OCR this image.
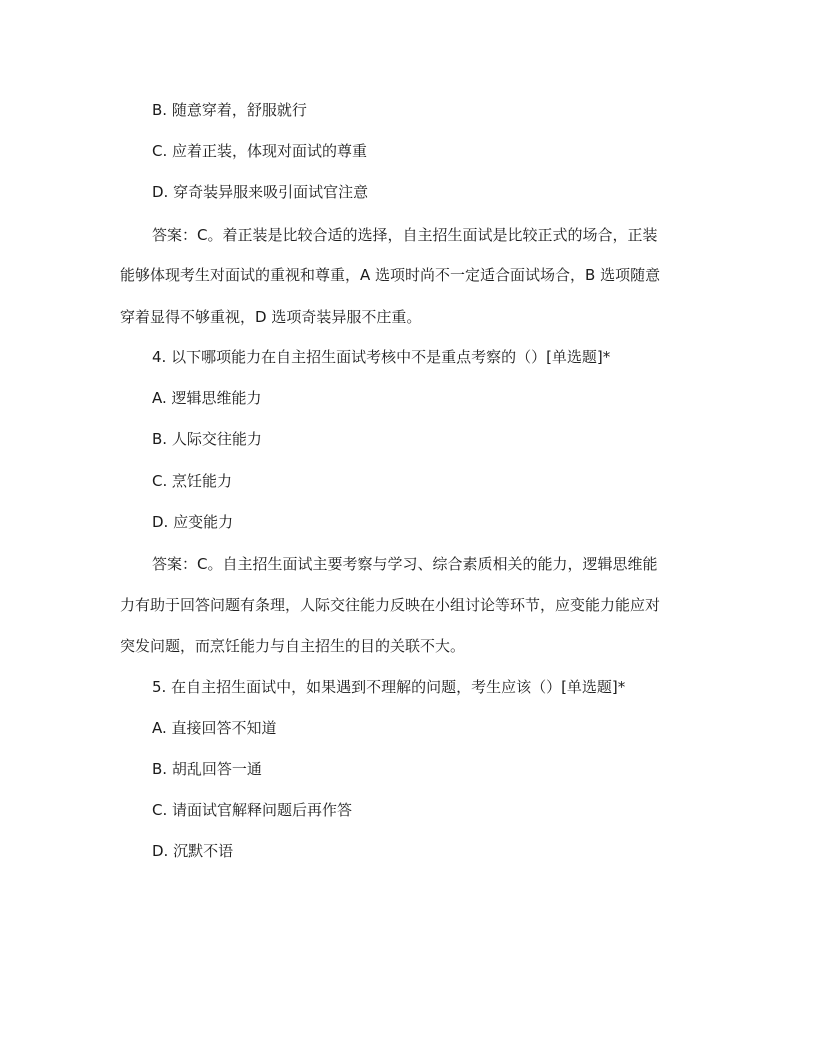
B. 随意穿着，舒服就行
C. 应着正装，体现对面试的尊重
D. 穿奇装异服来吸引面试官注意
答案：C。着正装是比较合适的选择，自主招生面试是比较正式的场合，正装
能够体现考生对面试的重视和尊重，A 选项时尚不一定适合面试场合，B 选项随意
穿着显得不够重视，D 选项奇装异服不庄重。
4. 以下哪项能力在自主招生面试考核中不是重点考察的（）[单选题]*
A. 逻辑思维能力
B. 人际交往能力
C. 烹饪能力
D. 应变能力
答案：C。自主招生面试主要考察与学习、综合素质相关的能力，逻辑思维能
力有助于回答问题有条理，人际交往能力反映在小组讨论等环节，应变能力能应对
突发问题，而烹饪能力与自主招生的目的关联不大。
5. 在自主招生面试中，如果遇到不理解的问题，考生应该（）[单选题]*
A. 直接回答不知道
B. 胡乱回答一通
C. 请面试官解释问题后再作答
D. 沉默不语
